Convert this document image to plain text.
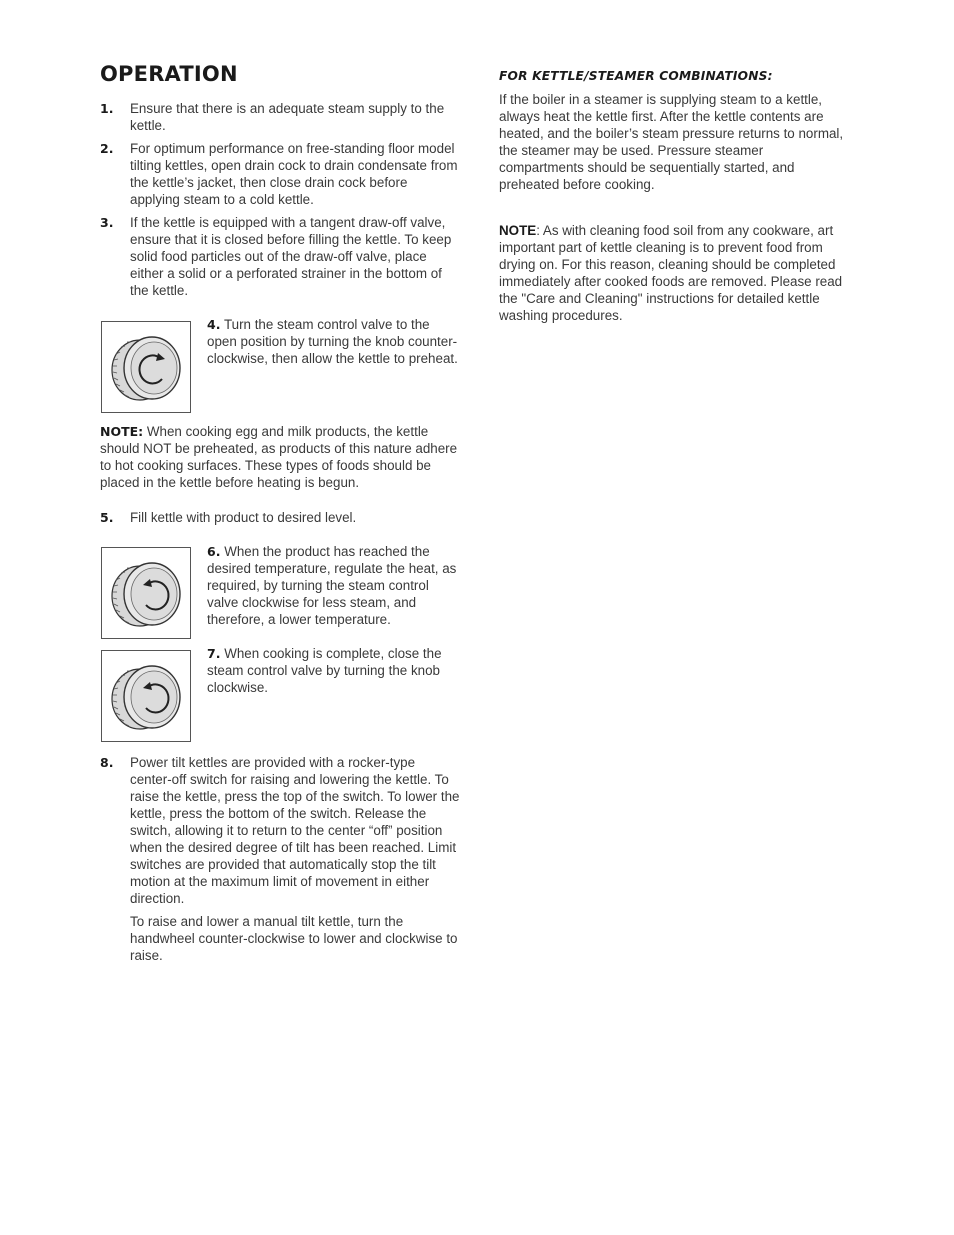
OPERATION
1.	Ensure that there is an adequate steam supply to the kettle.

2.	For optimum performance on free-standing floor model tilting kettles, open drain cock to drain condensate from the kettle’s jacket, then close drain cock before applying steam to a cold kettle.

3.	If the kettle is equipped with a tangent draw-off valve, ensure that it is closed before filling the kettle. To keep solid food particles out of the draw-off valve, place either a solid or a perforated strainer in the bottom of the kettle.

4. Turn the steam control valve to the open position by turning the knob counter-clockwise, then allow the kettle to preheat.
NOTE: When cooking egg and milk products, the kettle should NOT be preheated, as products of this nature adhere to hot cooking surfaces. These types of foods should be placed in the kettle before heating is begun.
5.	Fill kettle with product to desired level.

6. When the product has reached the desired temperature, regulate the heat, as required, by turning the steam control valve clockwise for less steam, and therefore, a lower temperature.
7. When cooking is complete, close the steam control valve by turning the knob clockwise.
8.	Power tilt kettles are provided with a rocker-type center-off switch for raising and lowering the kettle. To raise the kettle, press the top of the switch. To lower the kettle, press the bottom of the switch. Release the switch, allowing it to return to the center “off” position when the desired degree of tilt has been reached. Limit switches are provided that automatically stop the tilt motion at the maximum limit of movement in either direction.

To raise and lower a manual tilt kettle, turn the handwheel counter-clockwise to lower and clockwise to raise.

FOR KETTLE/STEAMER COMBINATIONS:

If the boiler in a steamer is supplying steam to a kettle, always heat the kettle first. After the kettle contents are heated, and the boiler’s steam pressure returns to normal, the steamer may be used. Pressure steamer compartments should be sequentially started, and preheated before cooking.

NOTE: As with cleaning food soil from any cookware, art important part of kettle cleaning is to prevent food from drying on. For this reason, cleaning should be completed immediately after cooked foods are removed. Please read the "Care and Cleaning" instructions for detailed kettle washing procedures.
